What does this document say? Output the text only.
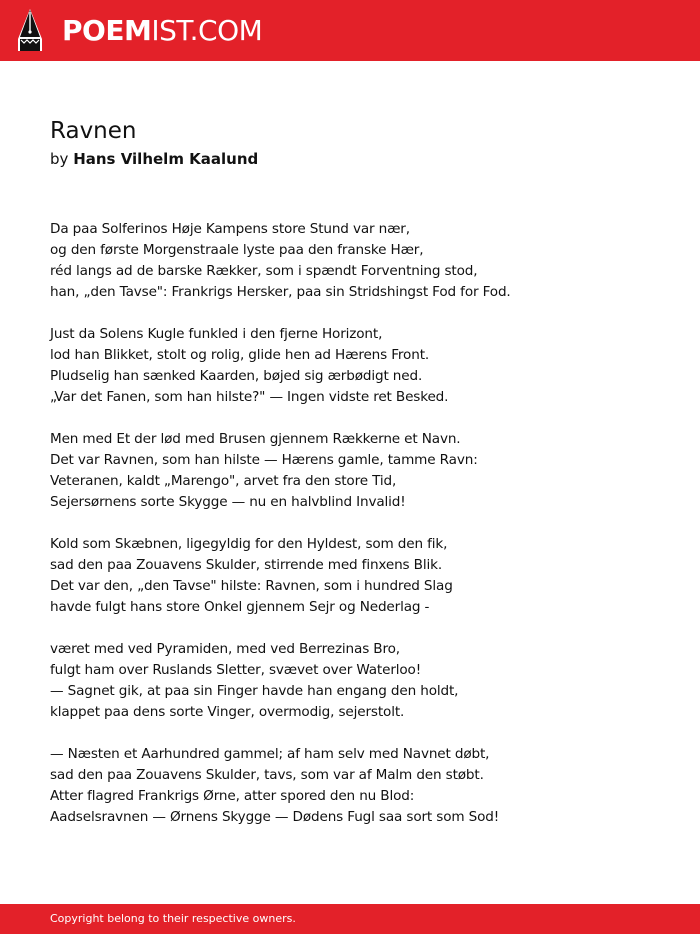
POEMIST.COM
Ravnen
by Hans Vilhelm Kaalund
Da paa Solferinos Høje Kampens store Stund var nær,
og den første Morgenstraale lyste paa den franske Hær,
réd langs ad de barske Rækker, som i spændt Forventning stod,
han, „den Tavse": Frankrigs Hersker, paa sin Stridshingst Fod for Fod.
Just da Solens Kugle funkled i den fjerne Horizont,
lod han Blikket, stolt og rolig, glide hen ad Hærens Front.
Pludselig han sænked Kaarden, bøjed sig ærbødigt ned.
„Var det Fanen, som han hilste?" — Ingen vidste ret Besked.
Men med Et der lød med Brusen gjennem Rækkerne et Navn.
Det var Ravnen, som han hilste — Hærens gamle, tamme Ravn:
Veteranen, kaldt „Marengo", arvet fra den store Tid,
Sejersørnens sorte Skygge — nu en halvblind Invalid!
Kold som Skæbnen, ligegyldig for den Hyldest, som den fik,
sad den paa Zouavens Skulder, stirrende med finxens Blik.
Det var den, „den Tavse" hilste: Ravnen, som i hundred Slag
havde fulgt hans store Onkel gjennem Sejr og Nederlag -
været med ved Pyramiden, med ved Berrezinas Bro,
fulgt ham over Ruslands Sletter, svævet over Waterloo!
— Sagnet gik, at paa sin Finger havde han engang den holdt,
klappet paa dens sorte Vinger, overmodig, sejerstolt.
— Næsten et Aarhundred gammel; af ham selv med Navnet døbt,
sad den paa Zouavens Skulder, tavs, som var af Malm den støbt.
Atter flagred Frankrigs Ørne, atter spored den nu Blod:
Aadselsravnen — Ørnens Skygge — Dødens Fugl saa sort som Sod!
Copyright belong to their respective owners.
